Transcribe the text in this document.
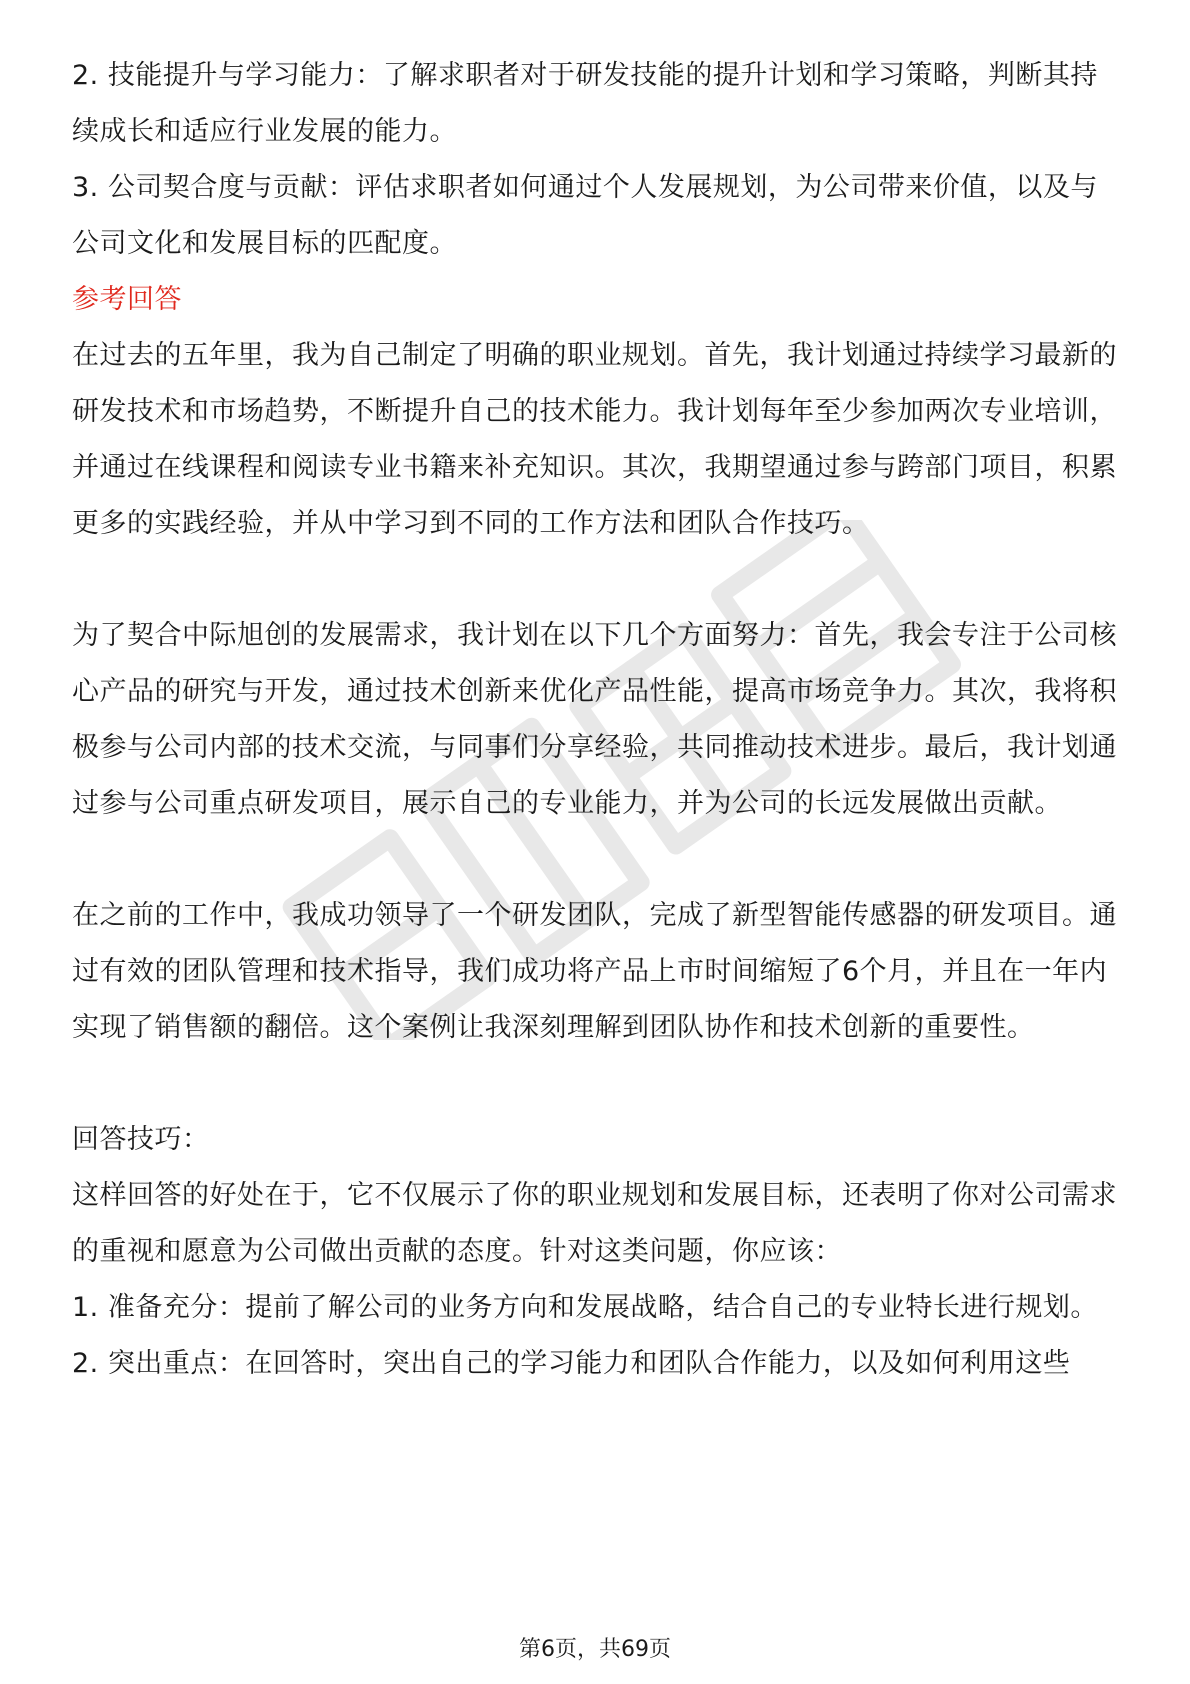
2. 技能提升与学习能力：了解求职者对于研发技能的提升计划和学习策略，判断其持续成长和适应行业发展的能力。

3. 公司契合度与贡献：评估求职者如何通过个人发展规划，为公司带来价值，以及与公司文化和发展目标的匹配度。

参考回答

在过去的五年里，我为自己制定了明确的职业规划。首先，我计划通过持续学习最新的研发技术和市场趋势，不断提升自己的技术能力。我计划每年至少参加两次专业培训，并通过在线课程和阅读专业书籍来补充知识。其次，我期望通过参与跨部门项目，积累更多的实践经验，并从中学习到不同的工作方法和团队合作技巧。

为了契合中际旭创的发展需求，我计划在以下几个方面努力：首先，我会专注于公司核心产品的研究与开发，通过技术创新来优化产品性能，提高市场竞争力。其次，我将积极参与公司内部的技术交流，与同事们分享经验，共同推动技术进步。最后，我计划通过参与公司重点研发项目，展示自己的专业能力，并为公司的长远发展做出贡献。

在之前的工作中，我成功领导了一个研发团队，完成了新型智能传感器的研发项目。通过有效的团队管理和技术指导，我们成功将产品上市时间缩短了6个月，并且在一年内实现了销售额的翻倍。这个案例让我深刻理解到团队协作和技术创新的重要性。

回答技巧：

这样回答的好处在于，它不仅展示了你的职业规划和发展目标，还表明了你对公司需求的重视和愿意为公司做出贡献的态度。针对这类问题，你应该：

1. 准备充分：提前了解公司的业务方向和发展战略，结合自己的专业特长进行规划。

2. 突出重点：在回答时，突出自己的学习能力和团队合作能力，以及如何利用这些

第6页，共69页
